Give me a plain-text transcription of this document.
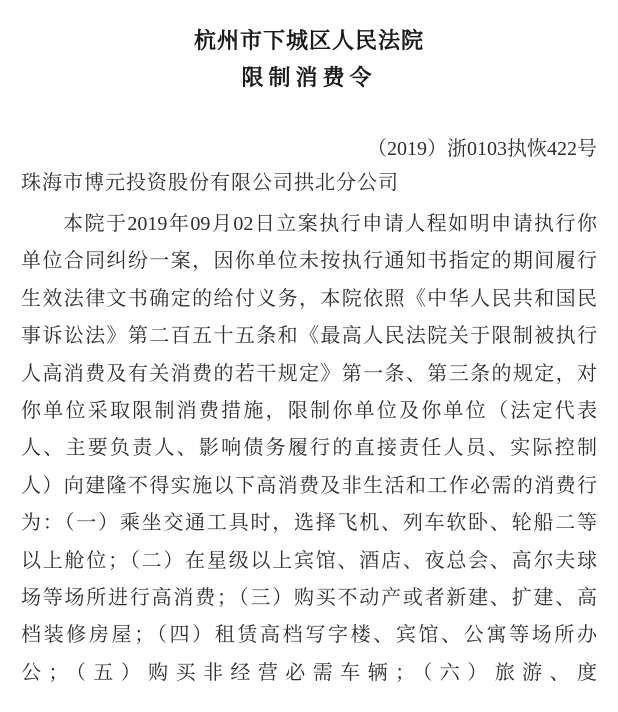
杭州市下城区人民法院
限制消费令
（2019）浙0103执恢422号
珠海市博元投资股份有限公司拱北分公司
本院于2019年09月02日立案执行申请人程如明申请执行你
单位合同纠纷一案，因你单位未按执行通知书指定的期间履行
生效法律文书确定的给付义务，本院依照《中华人民共和国民
事诉讼法》第二百五十五条和《最高人民法院关于限制被执行
人高消费及有关消费的若干规定》第一条、第三条的规定，对
你单位采取限制消费措施，限制你单位及你单位（法定代表
人、主要负责人、影响债务履行的直接责任人员、实际控制
人）向建隆不得实施以下高消费及非生活和工作必需的消费行
为：（一）乘坐交通工具时，选择飞机、列车软卧、轮船二等
以上舱位；（二）在星级以上宾馆、酒店、夜总会、高尔夫球
场等场所进行高消费；（三）购买不动产或者新建、扩建、高
档装修房屋；（四）租赁高档写字楼、宾馆、公寓等场所办
公；（五）购买非经营必需车辆；（六）旅游、度
